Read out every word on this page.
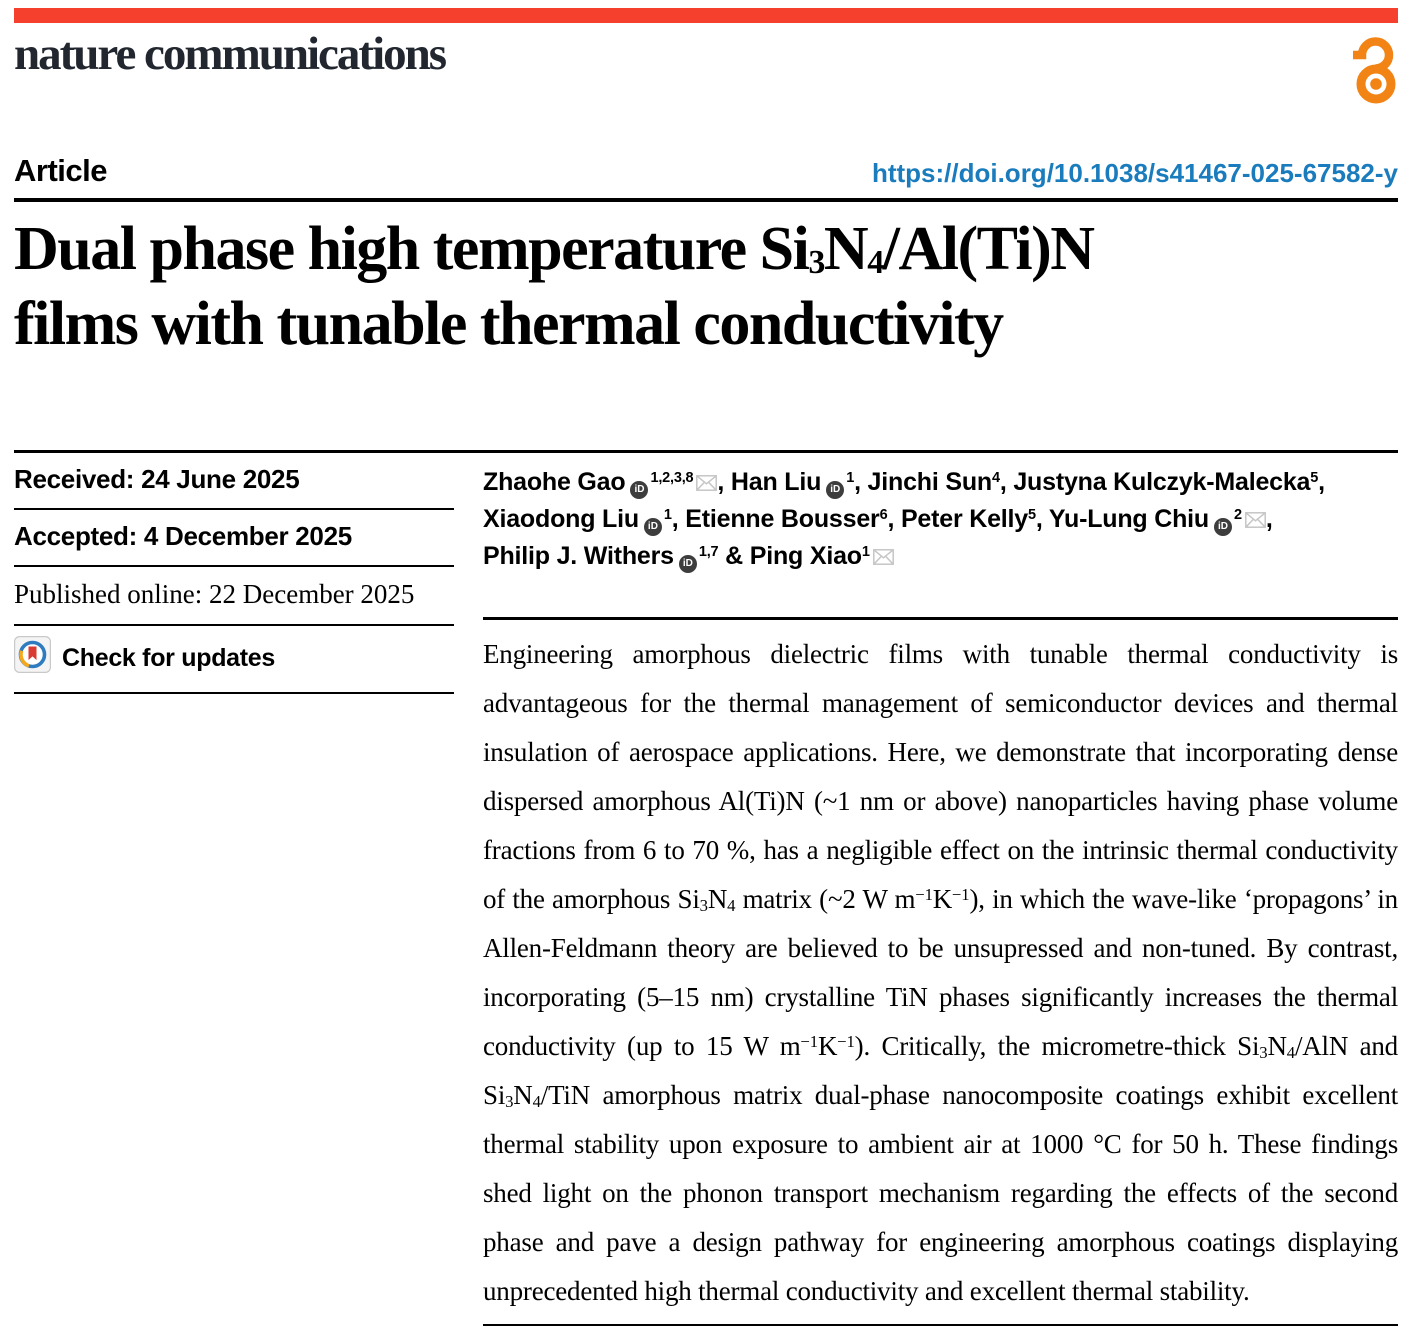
nature communications
Article	https://doi.org/10.1038/s41467-025-67582-y
Dual phase high temperature $Si_3N_4/Al(Ti)N$
films with tunable thermal conductivity
Received: 24 June 2025
Accepted: 4 December 2025
Published online: 22 December 2025
Check for updates
Zhaohe Gao iD$^{1,2,3,8}$ , Han Liu $iD^1$, Jinchi Sun$^4$, Justyna Kulczyk-Malecka$^5$,
Xiaodong Liu $iD^1$, Etienne Bousser$^6$, Peter Kelly$^5$, Yu-Lung Chiu $iD^2$ ,
Philip J. Withers iD$^{1,7}$ & Ping Xiao$^1$
Engineering amorphous dielectric films with tunable thermal conductivity is advantageous for the thermal management of semiconductor devices and thermal insulation of aerospace applications. Here, we demonstrate that incorporating dense dispersed amorphous Al(Ti)N (~1 nm or above) nanoparticles having phase volume fractions from 6 to 70 %, has a negligible effect on the intrinsic thermal conductivity of the amorphous $Si_3N_4$ matrix (~2 W $m^{-1}K^{-1}$), in which the wave-like ‘propagons’ in Allen-Feldmann theory are believed to be unsupressed and non-tuned. By contrast, incorporating (5–15 nm) crystalline TiN phases significantly increases the thermal conductivity (up to 15 W $m^{-1}K^{-1}$). Critically, the micrometre-thick $Si_3N_4$/AlN and $Si_3N_4$/TiN amorphous matrix dual-phase nanocomposite coatings exhibit excellent thermal stability upon exposure to ambient air at 1000 °C for 50 h. These findings shed light on the phonon transport mechanism regarding the effects of the second phase and pave a design pathway for engineering amorphous coatings displaying unprecedented high thermal conductivity and excellent thermal stability.
